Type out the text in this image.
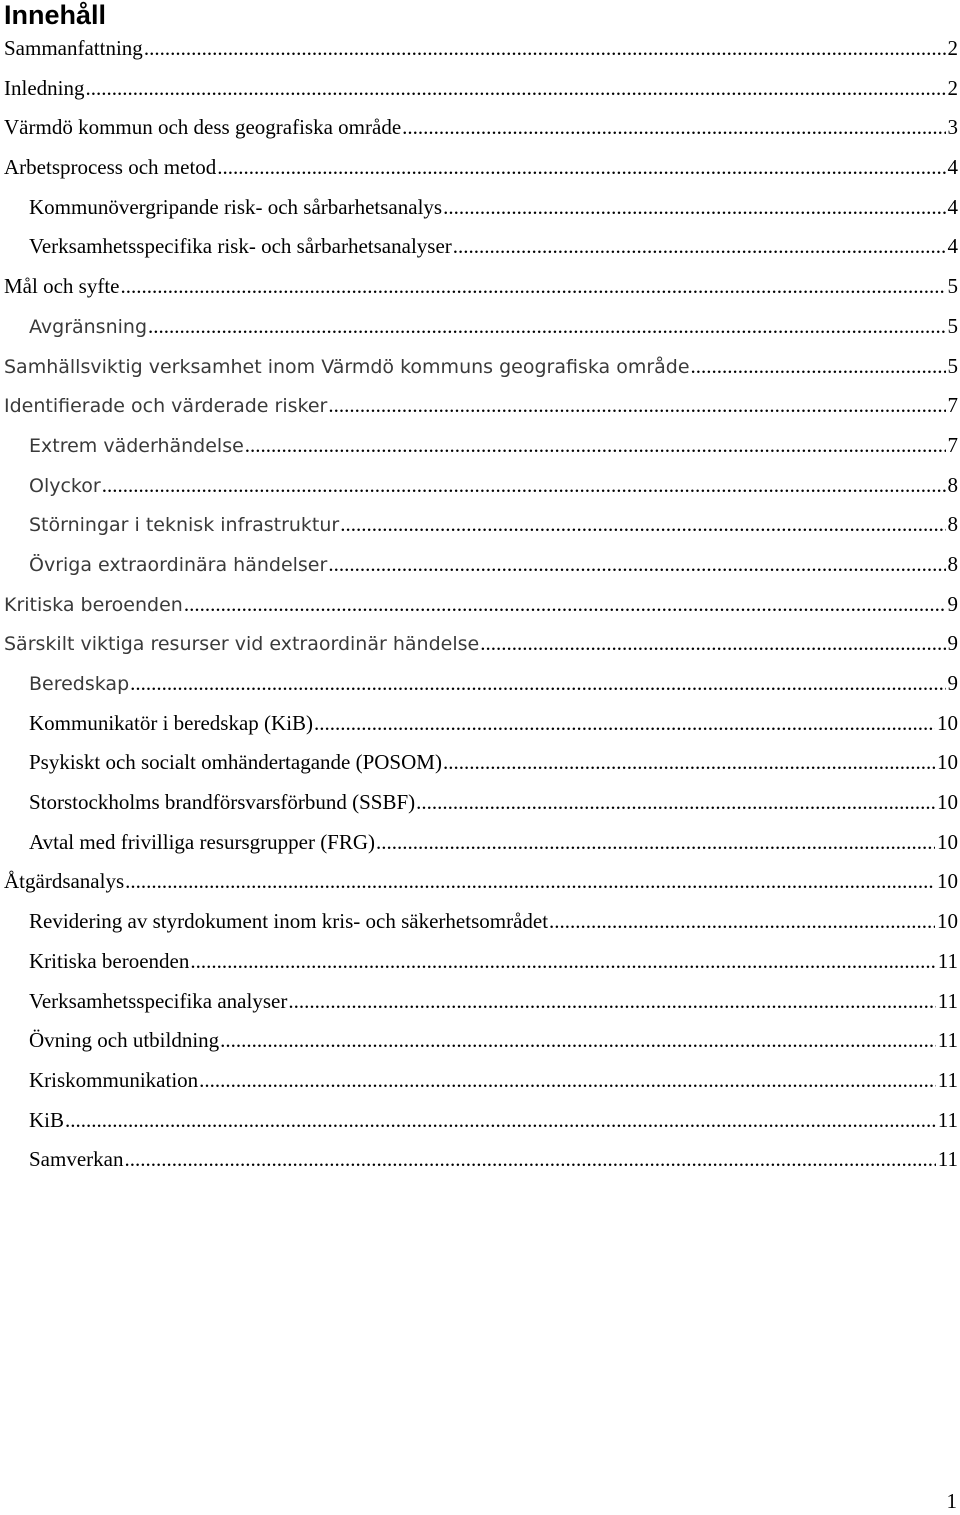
Innehåll
Sammanfattning .....	2
Inledning .....	2
Värmdö kommun och dess geografiska område .....	3
Arbetsprocess och metod .....	4
Kommunövergripande risk- och sårbarhetsanalys .....	4
Verksamhetsspecifika risk- och sårbarhetsanalyser .....	4
Mål och syfte .....	5
Avgränsning .....	5
Samhällsviktig verksamhet inom Värmdö kommuns geografiska område .....	5
Identifierade och värderade risker .....	7
Extrem väderhändelse .....	7
Olyckor .....	8
Störningar i teknisk infrastruktur .....	8
Övriga extraordinära händelser .....	8
Kritiska beroenden .....	9
Särskilt viktiga resurser vid extraordinär händelse .....	9
Beredskap .....	9
Kommunikatör i beredskap (KiB) .....	10
Psykiskt och socialt omhändertagande (POSOM) .....	10
Storstockholms brandförsvarsförbund (SSBF) .....	10
Avtal med frivilliga resursgrupper (FRG) .....	10
Åtgärdsanalys .....	10
Revidering av styrdokument inom kris- och säkerhetsområdet .....	10
Kritiska beroenden .....	11
Verksamhetsspecifika analyser .....	11
Övning och utbildning .....	11
Kriskommunikation .....	11
KiB .....	11
Samverkan .....	11
1
